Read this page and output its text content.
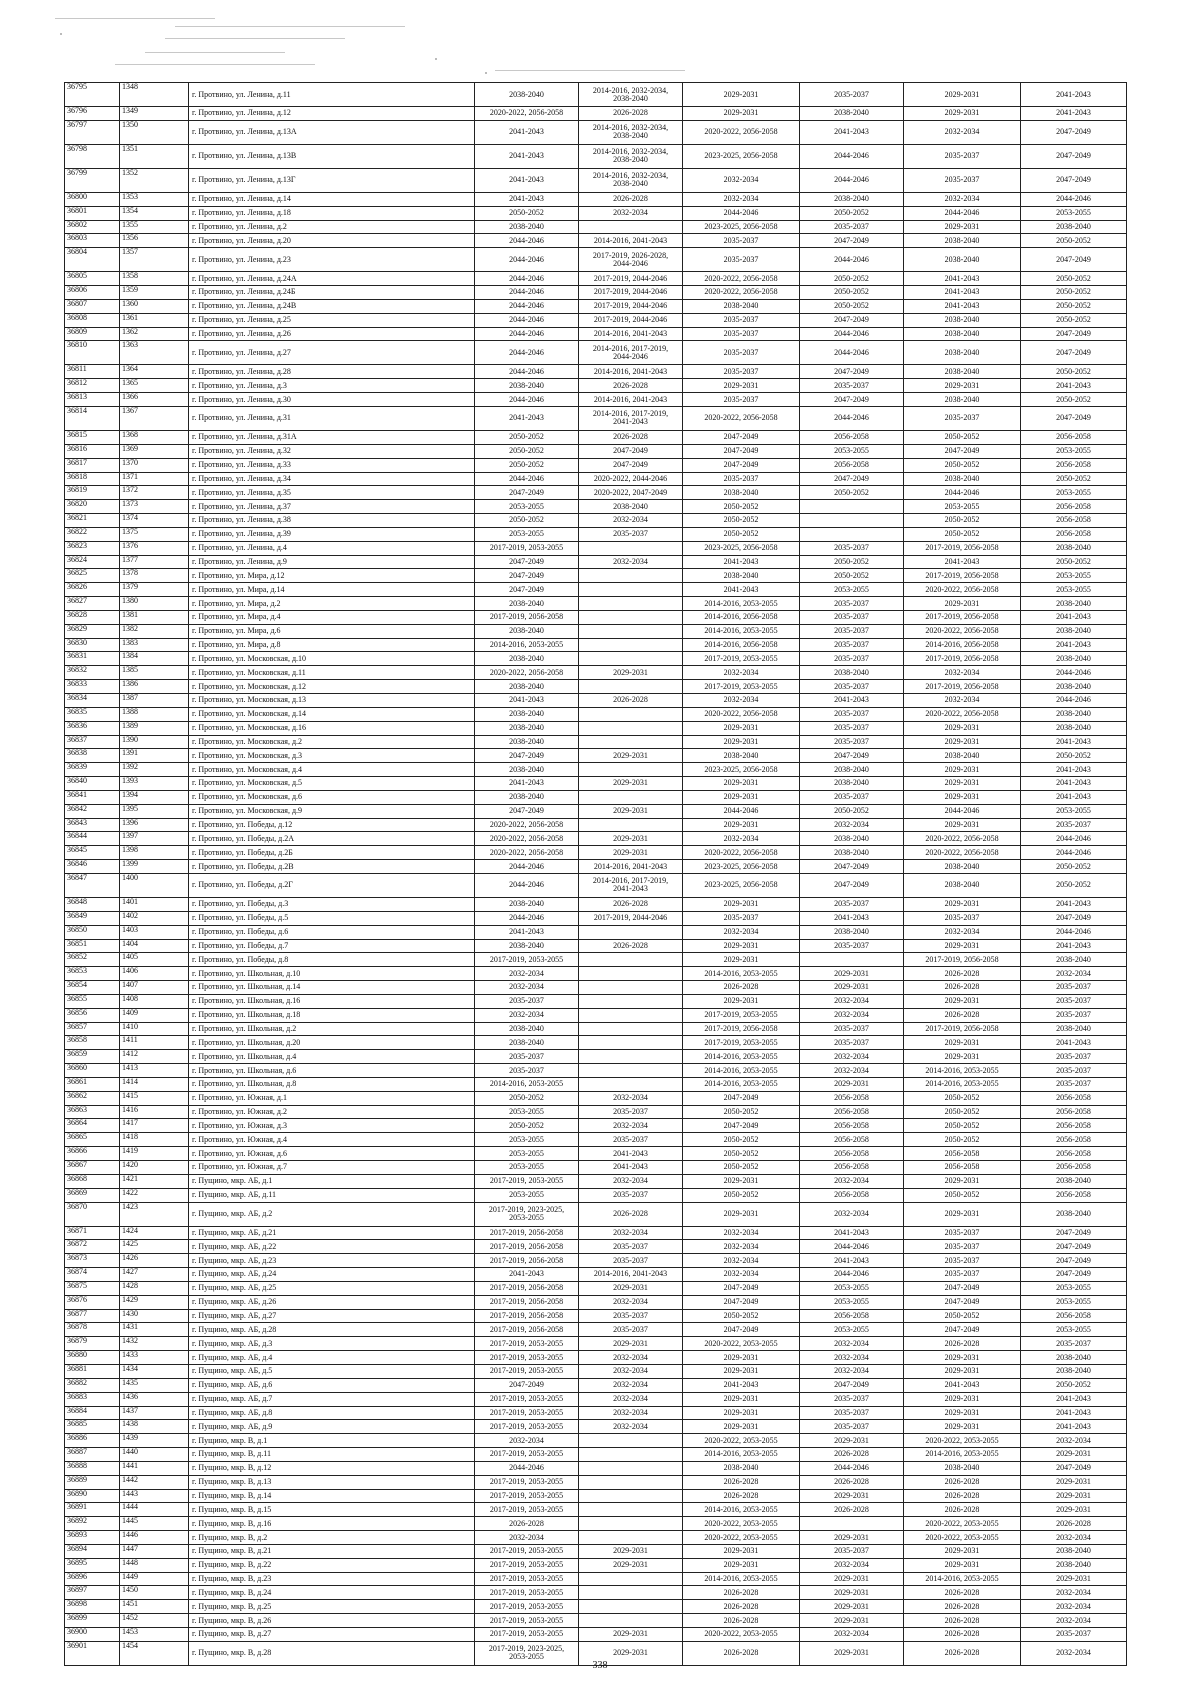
36795	1348	г. Протвино, ул. Ленина, д.11	2038-2040	2014-2016, 2032-2034,
2038-2040	2029-2031	2035-2037	2029-2031	2041-2043
36796	1349	г. Протвино, ул. Ленина, д.12	2020-2022, 2056-2058	2026-2028	2029-2031	2038-2040	2029-2031	2041-2043
36797	1350	г. Протвино, ул. Ленина, д.13А	2041-2043	2014-2016, 2032-2034,
2038-2040	2020-2022, 2056-2058	2041-2043	2032-2034	2047-2049
36798	1351	г. Протвино, ул. Ленина, д.13В	2041-2043	2014-2016, 2032-2034,
2038-2040	2023-2025, 2056-2058	2044-2046	2035-2037	2047-2049
36799	1352	г. Протвино, ул. Ленина, д.13Г	2041-2043	2014-2016, 2032-2034,
2038-2040	2032-2034	2044-2046	2035-2037	2047-2049
36800	1353	г. Протвино, ул. Ленина, д.14	2041-2043	2026-2028	2032-2034	2038-2040	2032-2034	2044-2046
36801	1354	г. Протвино, ул. Ленина, д.18	2050-2052	2032-2034	2044-2046	2050-2052	2044-2046	2053-2055
36802	1355	г. Протвино, ул. Ленина, д.2	2038-2040		2023-2025, 2056-2058	2035-2037	2029-2031	2038-2040
36803	1356	г. Протвино, ул. Ленина, д.20	2044-2046	2014-2016, 2041-2043	2035-2037	2047-2049	2038-2040	2050-2052
36804	1357	г. Протвино, ул. Ленина, д.23	2044-2046	2017-2019, 2026-2028,
2044-2046	2035-2037	2044-2046	2038-2040	2047-2049
36805	1358	г. Протвино, ул. Ленина, д.24А	2044-2046	2017-2019, 2044-2046	2020-2022, 2056-2058	2050-2052	2041-2043	2050-2052
36806	1359	г. Протвино, ул. Ленина, д.24Б	2044-2046	2017-2019, 2044-2046	2020-2022, 2056-2058	2050-2052	2041-2043	2050-2052
36807	1360	г. Протвино, ул. Ленина, д.24В	2044-2046	2017-2019, 2044-2046	2038-2040	2050-2052	2041-2043	2050-2052
36808	1361	г. Протвино, ул. Ленина, д.25	2044-2046	2017-2019, 2044-2046	2035-2037	2047-2049	2038-2040	2050-2052
36809	1362	г. Протвино, ул. Ленина, д.26	2044-2046	2014-2016, 2041-2043	2035-2037	2044-2046	2038-2040	2047-2049
36810	1363	г. Протвино, ул. Ленина, д.27	2044-2046	2014-2016, 2017-2019,
2044-2046	2035-2037	2044-2046	2038-2040	2047-2049
36811	1364	г. Протвино, ул. Ленина, д.28	2044-2046	2014-2016, 2041-2043	2035-2037	2047-2049	2038-2040	2050-2052
36812	1365	г. Протвино, ул. Ленина, д.3	2038-2040	2026-2028	2029-2031	2035-2037	2029-2031	2041-2043
36813	1366	г. Протвино, ул. Ленина, д.30	2044-2046	2014-2016, 2041-2043	2035-2037	2047-2049	2038-2040	2050-2052
36814	1367	г. Протвино, ул. Ленина, д.31	2041-2043	2014-2016, 2017-2019,
2041-2043	2020-2022, 2056-2058	2044-2046	2035-2037	2047-2049
36815	1368	г. Протвино, ул. Ленина, д.31А	2050-2052	2026-2028	2047-2049	2056-2058	2050-2052	2056-2058
36816	1369	г. Протвино, ул. Ленина, д.32	2050-2052	2047-2049	2047-2049	2053-2055	2047-2049	2053-2055
36817	1370	г. Протвино, ул. Ленина, д.33	2050-2052	2047-2049	2047-2049	2056-2058	2050-2052	2056-2058
36818	1371	г. Протвино, ул. Ленина, д.34	2044-2046	2020-2022, 2044-2046	2035-2037	2047-2049	2038-2040	2050-2052
36819	1372	г. Протвино, ул. Ленина, д.35	2047-2049	2020-2022, 2047-2049	2038-2040	2050-2052	2044-2046	2053-2055
36820	1373	г. Протвино, ул. Ленина, д.37	2053-2055	2038-2040	2050-2052		2053-2055	2056-2058
36821	1374	г. Протвино, ул. Ленина, д.38	2050-2052	2032-2034	2050-2052		2050-2052	2056-2058
36822	1375	г. Протвино, ул. Ленина, д.39	2053-2055	2035-2037	2050-2052		2050-2052	2056-2058
36823	1376	г. Протвино, ул. Ленина, д.4	2017-2019, 2053-2055		2023-2025, 2056-2058	2035-2037	2017-2019, 2056-2058	2038-2040
36824	1377	г. Протвино, ул. Ленина, д.9	2047-2049	2032-2034	2041-2043	2050-2052	2041-2043	2050-2052
36825	1378	г. Протвино, ул. Мира, д.12	2047-2049		2038-2040	2050-2052	2017-2019, 2056-2058	2053-2055
36826	1379	г. Протвино, ул. Мира, д.14	2047-2049		2041-2043	2053-2055	2020-2022, 2056-2058	2053-2055
36827	1380	г. Протвино, ул. Мира, д.2	2038-2040		2014-2016, 2053-2055	2035-2037	2029-2031	2038-2040
36828	1381	г. Протвино, ул. Мира, д.4	2017-2019, 2056-2058		2014-2016, 2056-2058	2035-2037	2017-2019, 2056-2058	2041-2043
36829	1382	г. Протвино, ул. Мира, д.6	2038-2040		2014-2016, 2053-2055	2035-2037	2020-2022, 2056-2058	2038-2040
36830	1383	г. Протвино, ул. Мира, д.8	2014-2016, 2053-2055		2014-2016, 2056-2058	2035-2037	2014-2016, 2056-2058	2041-2043
36831	1384	г. Протвино, ул. Московская, д.10	2038-2040		2017-2019, 2053-2055	2035-2037	2017-2019, 2056-2058	2038-2040
36832	1385	г. Протвино, ул. Московская, д.11	2020-2022, 2056-2058	2029-2031	2032-2034	2038-2040	2032-2034	2044-2046
36833	1386	г. Протвино, ул. Московская, д.12	2038-2040		2017-2019, 2053-2055	2035-2037	2017-2019, 2056-2058	2038-2040
36834	1387	г. Протвино, ул. Московская, д.13	2041-2043	2026-2028	2032-2034	2041-2043	2032-2034	2044-2046
36835	1388	г. Протвино, ул. Московская, д.14	2038-2040		2020-2022, 2056-2058	2035-2037	2020-2022, 2056-2058	2038-2040
36836	1389	г. Протвино, ул. Московская, д.16	2038-2040		2029-2031	2035-2037	2029-2031	2038-2040
36837	1390	г. Протвино, ул. Московская, д.2	2038-2040		2029-2031	2035-2037	2029-2031	2041-2043
36838	1391	г. Протвино, ул. Московская, д.3	2047-2049	2029-2031	2038-2040	2047-2049	2038-2040	2050-2052
36839	1392	г. Протвино, ул. Московская, д.4	2038-2040		2023-2025, 2056-2058	2038-2040	2029-2031	2041-2043
36840	1393	г. Протвино, ул. Московская, д.5	2041-2043	2029-2031	2029-2031	2038-2040	2029-2031	2041-2043
36841	1394	г. Протвино, ул. Московская, д.6	2038-2040		2029-2031	2035-2037	2029-2031	2041-2043
36842	1395	г. Протвино, ул. Московская, д.9	2047-2049	2029-2031	2044-2046	2050-2052	2044-2046	2053-2055
36843	1396	г. Протвино, ул. Победы, д.12	2020-2022, 2056-2058		2029-2031	2032-2034	2029-2031	2035-2037
36844	1397	г. Протвино, ул. Победы, д.2А	2020-2022, 2056-2058	2029-2031	2032-2034	2038-2040	2020-2022, 2056-2058	2044-2046
36845	1398	г. Протвино, ул. Победы, д.2Б	2020-2022, 2056-2058	2029-2031	2020-2022, 2056-2058	2038-2040	2020-2022, 2056-2058	2044-2046
36846	1399	г. Протвино, ул. Победы, д.2В	2044-2046	2014-2016, 2041-2043	2023-2025, 2056-2058	2047-2049	2038-2040	2050-2052
36847	1400	г. Протвино, ул. Победы, д.2Г	2044-2046	2014-2016, 2017-2019,
2041-2043	2023-2025, 2056-2058	2047-2049	2038-2040	2050-2052
36848	1401	г. Протвино, ул. Победы, д.3	2038-2040	2026-2028	2029-2031	2035-2037	2029-2031	2041-2043
36849	1402	г. Протвино, ул. Победы, д.5	2044-2046	2017-2019, 2044-2046	2035-2037	2041-2043	2035-2037	2047-2049
36850	1403	г. Протвино, ул. Победы, д.6	2041-2043		2032-2034	2038-2040	2032-2034	2044-2046
36851	1404	г. Протвино, ул. Победы, д.7	2038-2040	2026-2028	2029-2031	2035-2037	2029-2031	2041-2043
36852	1405	г. Протвино, ул. Победы, д.8	2017-2019, 2053-2055		2029-2031		2017-2019, 2056-2058	2038-2040
36853	1406	г. Протвино, ул. Школьная, д.10	2032-2034		2014-2016, 2053-2055	2029-2031	2026-2028	2032-2034
36854	1407	г. Протвино, ул. Школьная, д.14	2032-2034		2026-2028	2029-2031	2026-2028	2035-2037
36855	1408	г. Протвино, ул. Школьная, д.16	2035-2037		2029-2031	2032-2034	2029-2031	2035-2037
36856	1409	г. Протвино, ул. Школьная, д.18	2032-2034		2017-2019, 2053-2055	2032-2034	2026-2028	2035-2037
36857	1410	г. Протвино, ул. Школьная, д.2	2038-2040		2017-2019, 2056-2058	2035-2037	2017-2019, 2056-2058	2038-2040
36858	1411	г. Протвино, ул. Школьная, д.20	2038-2040		2017-2019, 2053-2055	2035-2037	2029-2031	2041-2043
36859	1412	г. Протвино, ул. Школьная, д.4	2035-2037		2014-2016, 2053-2055	2032-2034	2029-2031	2035-2037
36860	1413	г. Протвино, ул. Школьная, д.6	2035-2037		2014-2016, 2053-2055	2032-2034	2014-2016, 2053-2055	2035-2037
36861	1414	г. Протвино, ул. Школьная, д.8	2014-2016, 2053-2055		2014-2016, 2053-2055	2029-2031	2014-2016, 2053-2055	2035-2037
36862	1415	г. Протвино, ул. Южная, д.1	2050-2052	2032-2034	2047-2049	2056-2058	2050-2052	2056-2058
36863	1416	г. Протвино, ул. Южная, д.2	2053-2055	2035-2037	2050-2052	2056-2058	2050-2052	2056-2058
36864	1417	г. Протвино, ул. Южная, д.3	2050-2052	2032-2034	2047-2049	2056-2058	2050-2052	2056-2058
36865	1418	г. Протвино, ул. Южная, д.4	2053-2055	2035-2037	2050-2052	2056-2058	2050-2052	2056-2058
36866	1419	г. Протвино, ул. Южная, д.6	2053-2055	2041-2043	2050-2052	2056-2058	2056-2058	2056-2058
36867	1420	г. Протвино, ул. Южная, д.7	2053-2055	2041-2043	2050-2052	2056-2058	2056-2058	2056-2058
36868	1421	г. Пущино, мкр. АБ, д.1	2017-2019, 2053-2055	2032-2034	2029-2031	2032-2034	2029-2031	2038-2040
36869	1422	г. Пущино, мкр. АБ, д.11	2053-2055	2035-2037	2050-2052	2056-2058	2050-2052	2056-2058
36870	1423	г. Пущино, мкр. АБ, д.2	2017-2019, 2023-2025,
2053-2055	2026-2028	2029-2031	2032-2034	2029-2031	2038-2040
36871	1424	г. Пущино, мкр. АБ, д.21	2017-2019, 2056-2058	2032-2034	2032-2034	2041-2043	2035-2037	2047-2049
36872	1425	г. Пущино, мкр. АБ, д.22	2017-2019, 2056-2058	2035-2037	2032-2034	2044-2046	2035-2037	2047-2049
36873	1426	г. Пущино, мкр. АБ, д.23	2017-2019, 2056-2058	2035-2037	2032-2034	2041-2043	2035-2037	2047-2049
36874	1427	г. Пущино, мкр. АБ, д.24	2041-2043	2014-2016, 2041-2043	2032-2034	2044-2046	2035-2037	2047-2049
36875	1428	г. Пущино, мкр. АБ, д.25	2017-2019, 2056-2058	2029-2031	2047-2049	2053-2055	2047-2049	2053-2055
36876	1429	г. Пущино, мкр. АБ, д.26	2017-2019, 2056-2058	2032-2034	2047-2049	2053-2055	2047-2049	2053-2055
36877	1430	г. Пущино, мкр. АБ, д.27	2017-2019, 2056-2058	2035-2037	2050-2052	2056-2058	2050-2052	2056-2058
36878	1431	г. Пущино, мкр. АБ, д.28	2017-2019, 2056-2058	2035-2037	2047-2049	2053-2055	2047-2049	2053-2055
36879	1432	г. Пущино, мкр. АБ, д.3	2017-2019, 2053-2055	2029-2031	2020-2022, 2053-2055	2032-2034	2026-2028	2035-2037
36880	1433	г. Пущино, мкр. АБ, д.4	2017-2019, 2053-2055	2032-2034	2029-2031	2032-2034	2029-2031	2038-2040
36881	1434	г. Пущино, мкр. АБ, д.5	2017-2019, 2053-2055	2032-2034	2029-2031	2032-2034	2029-2031	2038-2040
36882	1435	г. Пущино, мкр. АБ, д.6	2047-2049	2032-2034	2041-2043	2047-2049	2041-2043	2050-2052
36883	1436	г. Пущино, мкр. АБ, д.7	2017-2019, 2053-2055	2032-2034	2029-2031	2035-2037	2029-2031	2041-2043
36884	1437	г. Пущино, мкр. АБ, д.8	2017-2019, 2053-2055	2032-2034	2029-2031	2035-2037	2029-2031	2041-2043
36885	1438	г. Пущино, мкр. АБ, д.9	2017-2019, 2053-2055	2032-2034	2029-2031	2035-2037	2029-2031	2041-2043
36886	1439	г. Пущино, мкр. В, д.1	2032-2034		2020-2022, 2053-2055	2029-2031	2020-2022, 2053-2055	2032-2034
36887	1440	г. Пущино, мкр. В, д.11	2017-2019, 2053-2055		2014-2016, 2053-2055	2026-2028	2014-2016, 2053-2055	2029-2031
36888	1441	г. Пущино, мкр. В, д.12	2044-2046		2038-2040	2044-2046	2038-2040	2047-2049
36889	1442	г. Пущино, мкр. В, д.13	2017-2019, 2053-2055		2026-2028	2026-2028	2026-2028	2029-2031
36890	1443	г. Пущино, мкр. В, д.14	2017-2019, 2053-2055		2026-2028	2029-2031	2026-2028	2029-2031
36891	1444	г. Пущино, мкр. В, д.15	2017-2019, 2053-2055		2014-2016, 2053-2055	2026-2028	2026-2028	2029-2031
36892	1445	г. Пущино, мкр. В, д.16	2026-2028		2020-2022, 2053-2055		2020-2022, 2053-2055	2026-2028
36893	1446	г. Пущино, мкр. В, д.2	2032-2034		2020-2022, 2053-2055	2029-2031	2020-2022, 2053-2055	2032-2034
36894	1447	г. Пущино, мкр. В, д.21	2017-2019, 2053-2055	2029-2031	2029-2031	2035-2037	2029-2031	2038-2040
36895	1448	г. Пущино, мкр. В, д.22	2017-2019, 2053-2055	2029-2031	2029-2031	2032-2034	2029-2031	2038-2040
36896	1449	г. Пущино, мкр. В, д.23	2017-2019, 2053-2055		2014-2016, 2053-2055	2029-2031	2014-2016, 2053-2055	2029-2031
36897	1450	г. Пущино, мкр. В, д.24	2017-2019, 2053-2055		2026-2028	2029-2031	2026-2028	2032-2034
36898	1451	г. Пущино, мкр. В, д.25	2017-2019, 2053-2055		2026-2028	2029-2031	2026-2028	2032-2034
36899	1452	г. Пущино, мкр. В, д.26	2017-2019, 2053-2055		2026-2028	2029-2031	2026-2028	2032-2034
36900	1453	г. Пущино, мкр. В, д.27	2017-2019, 2053-2055	2029-2031	2020-2022, 2053-2055	2032-2034	2026-2028	2035-2037
36901	1454	г. Пущино, мкр. В, д.28	2017-2019, 2023-2025,
2053-2055	2029-2031	2026-2028	2029-2031	2026-2028	2032-2034
338
